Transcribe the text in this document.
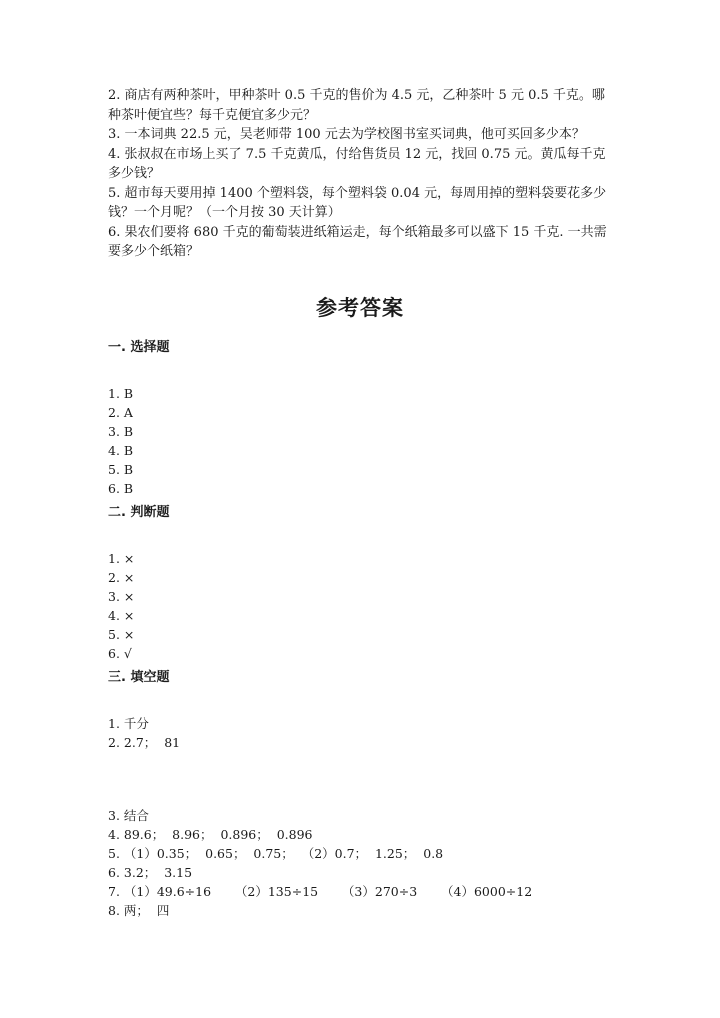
2. 商店有两种茶叶，甲种茶叶 0.5 千克的售价为 4.5 元，乙种茶叶 5 元 0.5 千克。哪种茶叶便宜些？每千克便宜多少元？

3. 一本词典 22.5 元，吴老师带 100 元去为学校图书室买词典，他可买回多少本？

4. 张叔叔在市场上买了 7.5 千克黄瓜，付给售货员 12 元，找回 0.75 元。黄瓜每千克多少钱？

5. 超市每天要用掉 1400 个塑料袋，每个塑料袋 0.04 元，每周用掉的塑料袋要花多少钱？一个月呢？（一个月按 30 天计算）

6. 果农们要将 680 千克的葡萄装进纸箱运走，每个纸箱最多可以盛下 15 千克. 一共需要多少个纸箱？

参考答案
一. 选择题
1. B
2. A
3. B
4. B
5. B
6. B
二. 判断题
1. ×
2. ×
3. ×
4. ×
5. ×
6. √
三. 填空题
1. 千分
2. 2.7；  81
3. 结合
4. 89.6；  8.96；  0.896；  0.896
5. （1）0.35；  0.65；  0.75；  （2）0.7；  1.25；  0.8
6. 3.2；  3.15
7. （1）49.6÷16      （2）135÷15      （3）270÷3      （4）6000÷12
8. 两；  四
